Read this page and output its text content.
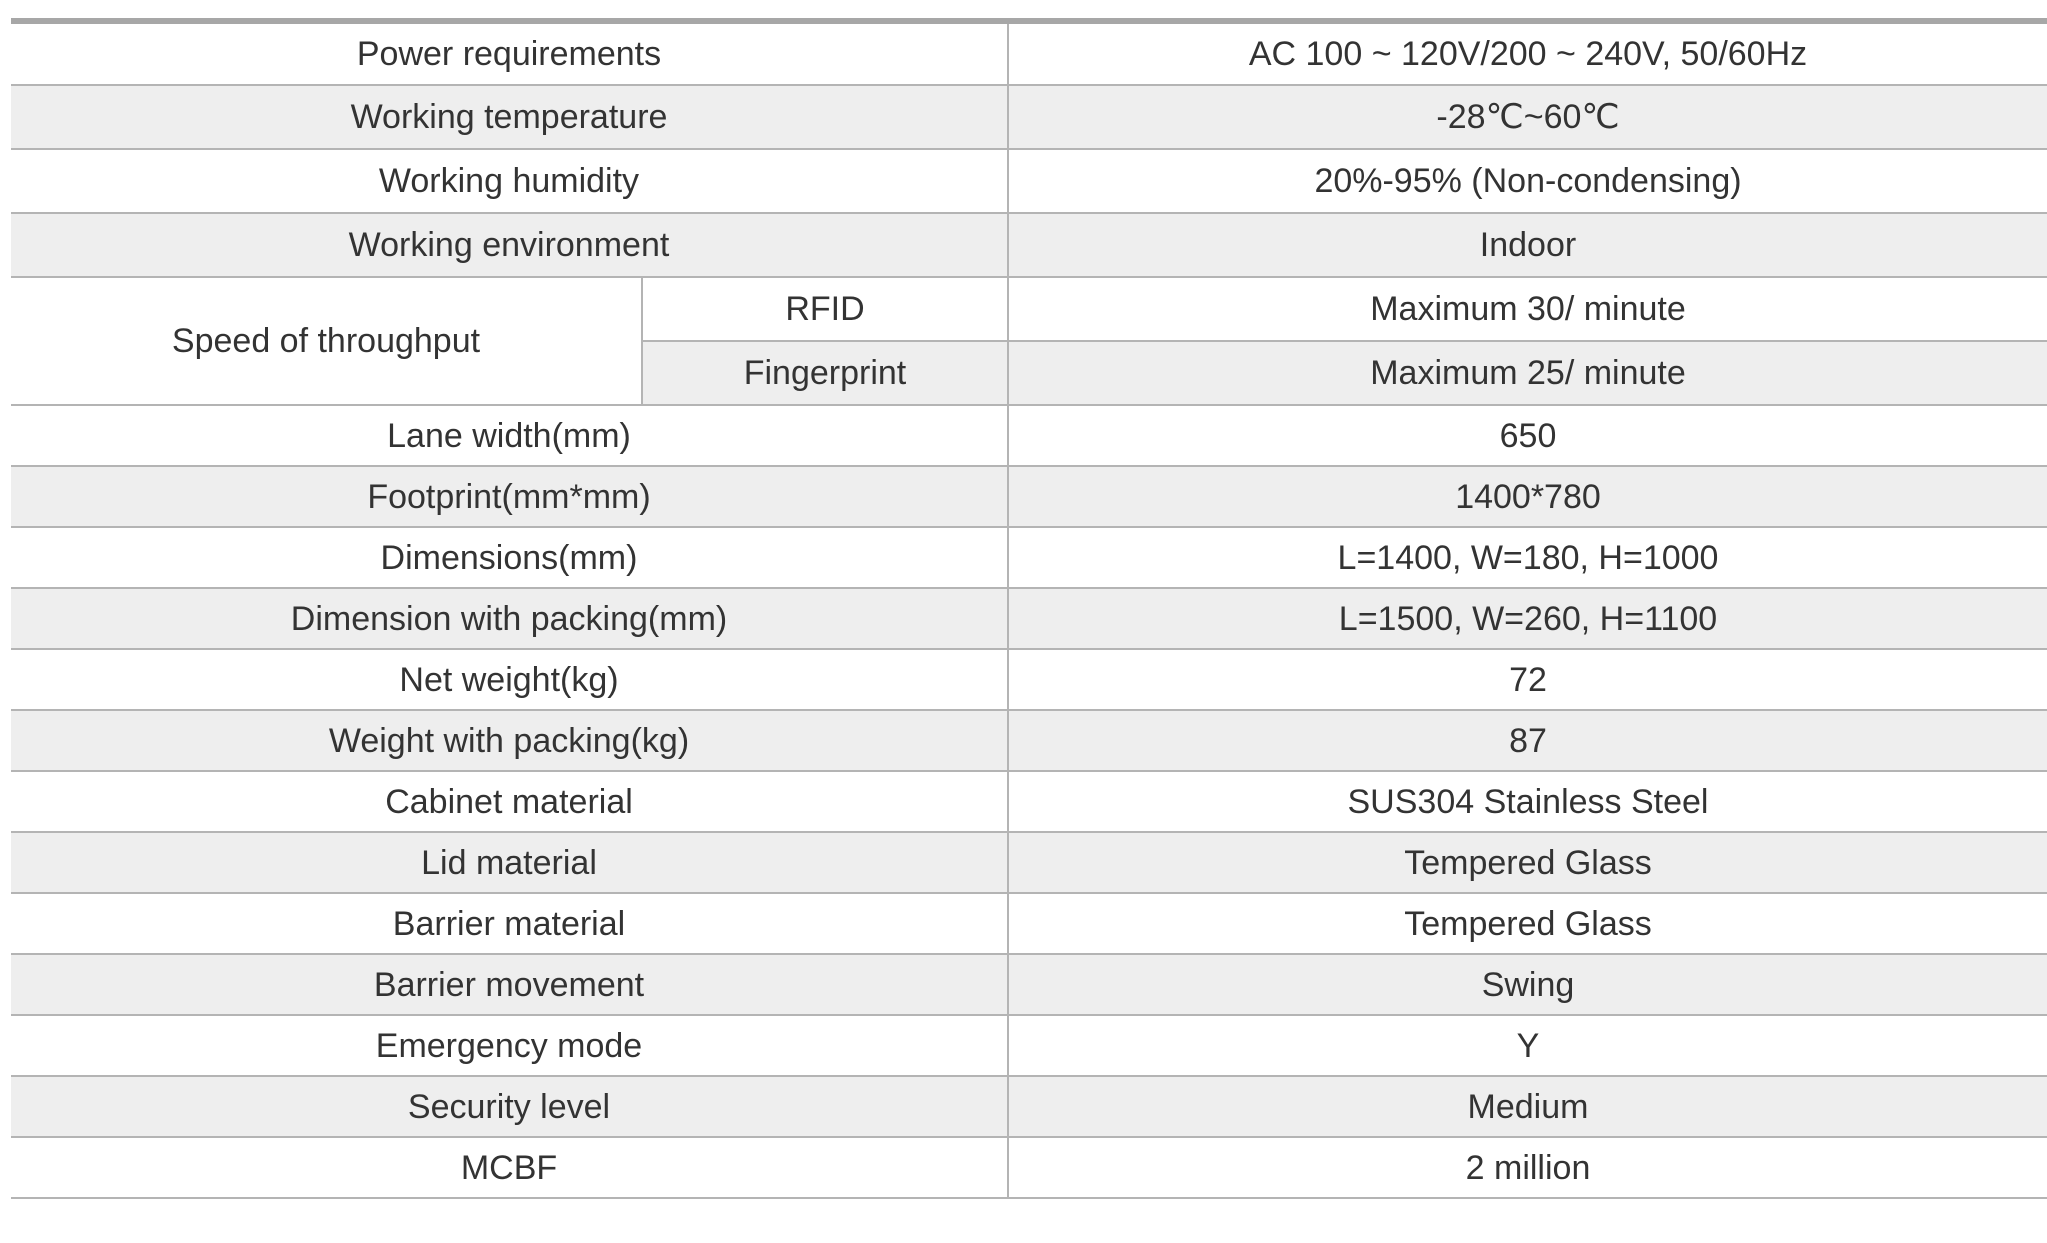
Power requirements		AC 100 ~ 120V/200 ~ 240V, 50/60Hz
Working temperature		-28℃~60℃
Working humidity		20%-95% (Non-condensing)
Working environment		Indoor
Speed of throughput	RFID	Maximum 30/ minute
	Fingerprint	Maximum 25/ minute
Lane width(mm)		650
Footprint(mm*mm)		1400*780
Dimensions(mm)		L=1400, W=180, H=1000
Dimension with packing(mm)		L=1500, W=260, H=1100
Net weight(kg)		72
Weight with packing(kg)		87
Cabinet material		SUS304 Stainless Steel
Lid material		Tempered Glass
Barrier material		Tempered Glass
Barrier movement		Swing
Emergency mode		Y
Security level		Medium
MCBF		2 million
